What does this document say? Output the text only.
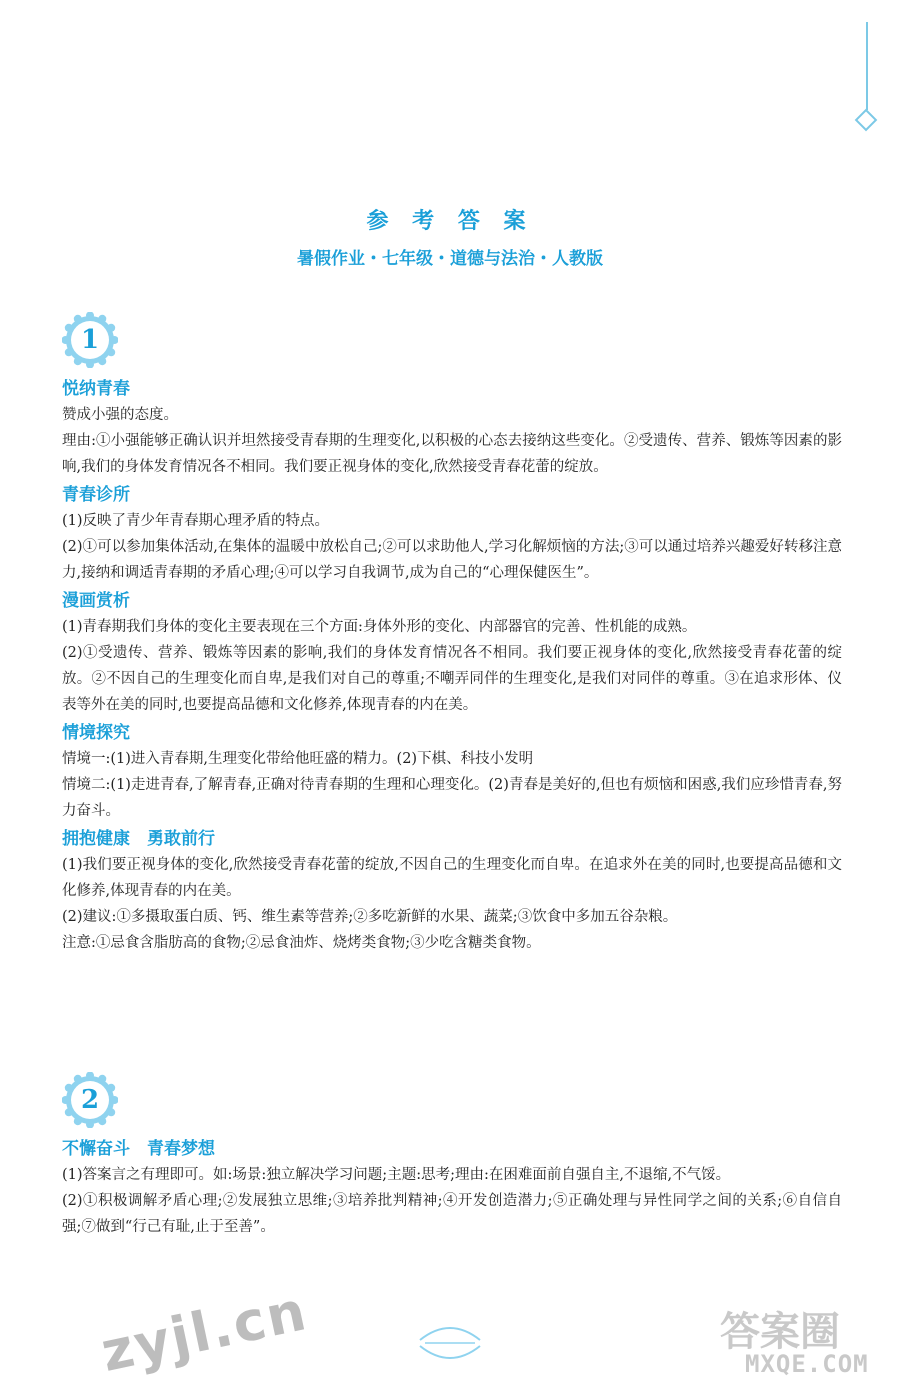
参 考 答 案
暑假作业・七年级・道德与法治・人教版
1
悦纳青春

赞成小强的态度。

理由:①小强能够正确认识并坦然接受青春期的生理变化,以积极的心态去接纳这些变化。②受遗传、营养、锻炼等因素的影响,我们的身体发育情况各不相同。我们要正视身体的变化,欣然接受青春花蕾的绽放。

青春诊所

(1)反映了青少年青春期心理矛盾的特点。

(2)①可以参加集体活动,在集体的温暖中放松自己;②可以求助他人,学习化解烦恼的方法;③可以通过培养兴趣爱好转移注意力,接纳和调适青春期的矛盾心理;④可以学习自我调节,成为自己的“心理保健医生”。

漫画赏析

(1)青春期我们身体的变化主要表现在三个方面:身体外形的变化、内部器官的完善、性机能的成熟。

(2)①受遗传、营养、锻炼等因素的影响,我们的身体发育情况各不相同。我们要正视身体的变化,欣然接受青春花蕾的绽放。②不因自己的生理变化而自卑,是我们对自己的尊重;不嘲弄同伴的生理变化,是我们对同伴的尊重。③在追求形体、仪表等外在美的同时,也要提高品德和文化修养,体现青春的内在美。

情境探究

情境一:(1)进入青春期,生理变化带给他旺盛的精力。(2)下棋、科技小发明

情境二:(1)走进青春,了解青春,正确对待青春期的生理和心理变化。(2)青春是美好的,但也有烦恼和困惑,我们应珍惜青春,努力奋斗。

拥抱健康　勇敢前行

(1)我们要正视身体的变化,欣然接受青春花蕾的绽放,不因自己的生理变化而自卑。在追求外在美的同时,也要提高品德和文化修养,体现青春的内在美。

(2)建议:①多摄取蛋白质、钙、维生素等营养;②多吃新鲜的水果、蔬菜;③饮食中多加五谷杂粮。

注意:①忌食含脂肪高的食物;②忌食油炸、烧烤类食物;③少吃含糖类食物。

2
不懈奋斗　青春梦想

(1)答案言之有理即可。如:场景:独立解决学习问题;主题:思考;理由:在困难面前自强自主,不退缩,不气馁。

(2)①积极调解矛盾心理;②发展独立思维;③培养批判精神;④开发创造潜力;⑤正确处理与异性同学之间的关系;⑥自信自强;⑦做到“行己有耻,止于至善”。

zyjl.cn	答案圈
MXQE.COM
